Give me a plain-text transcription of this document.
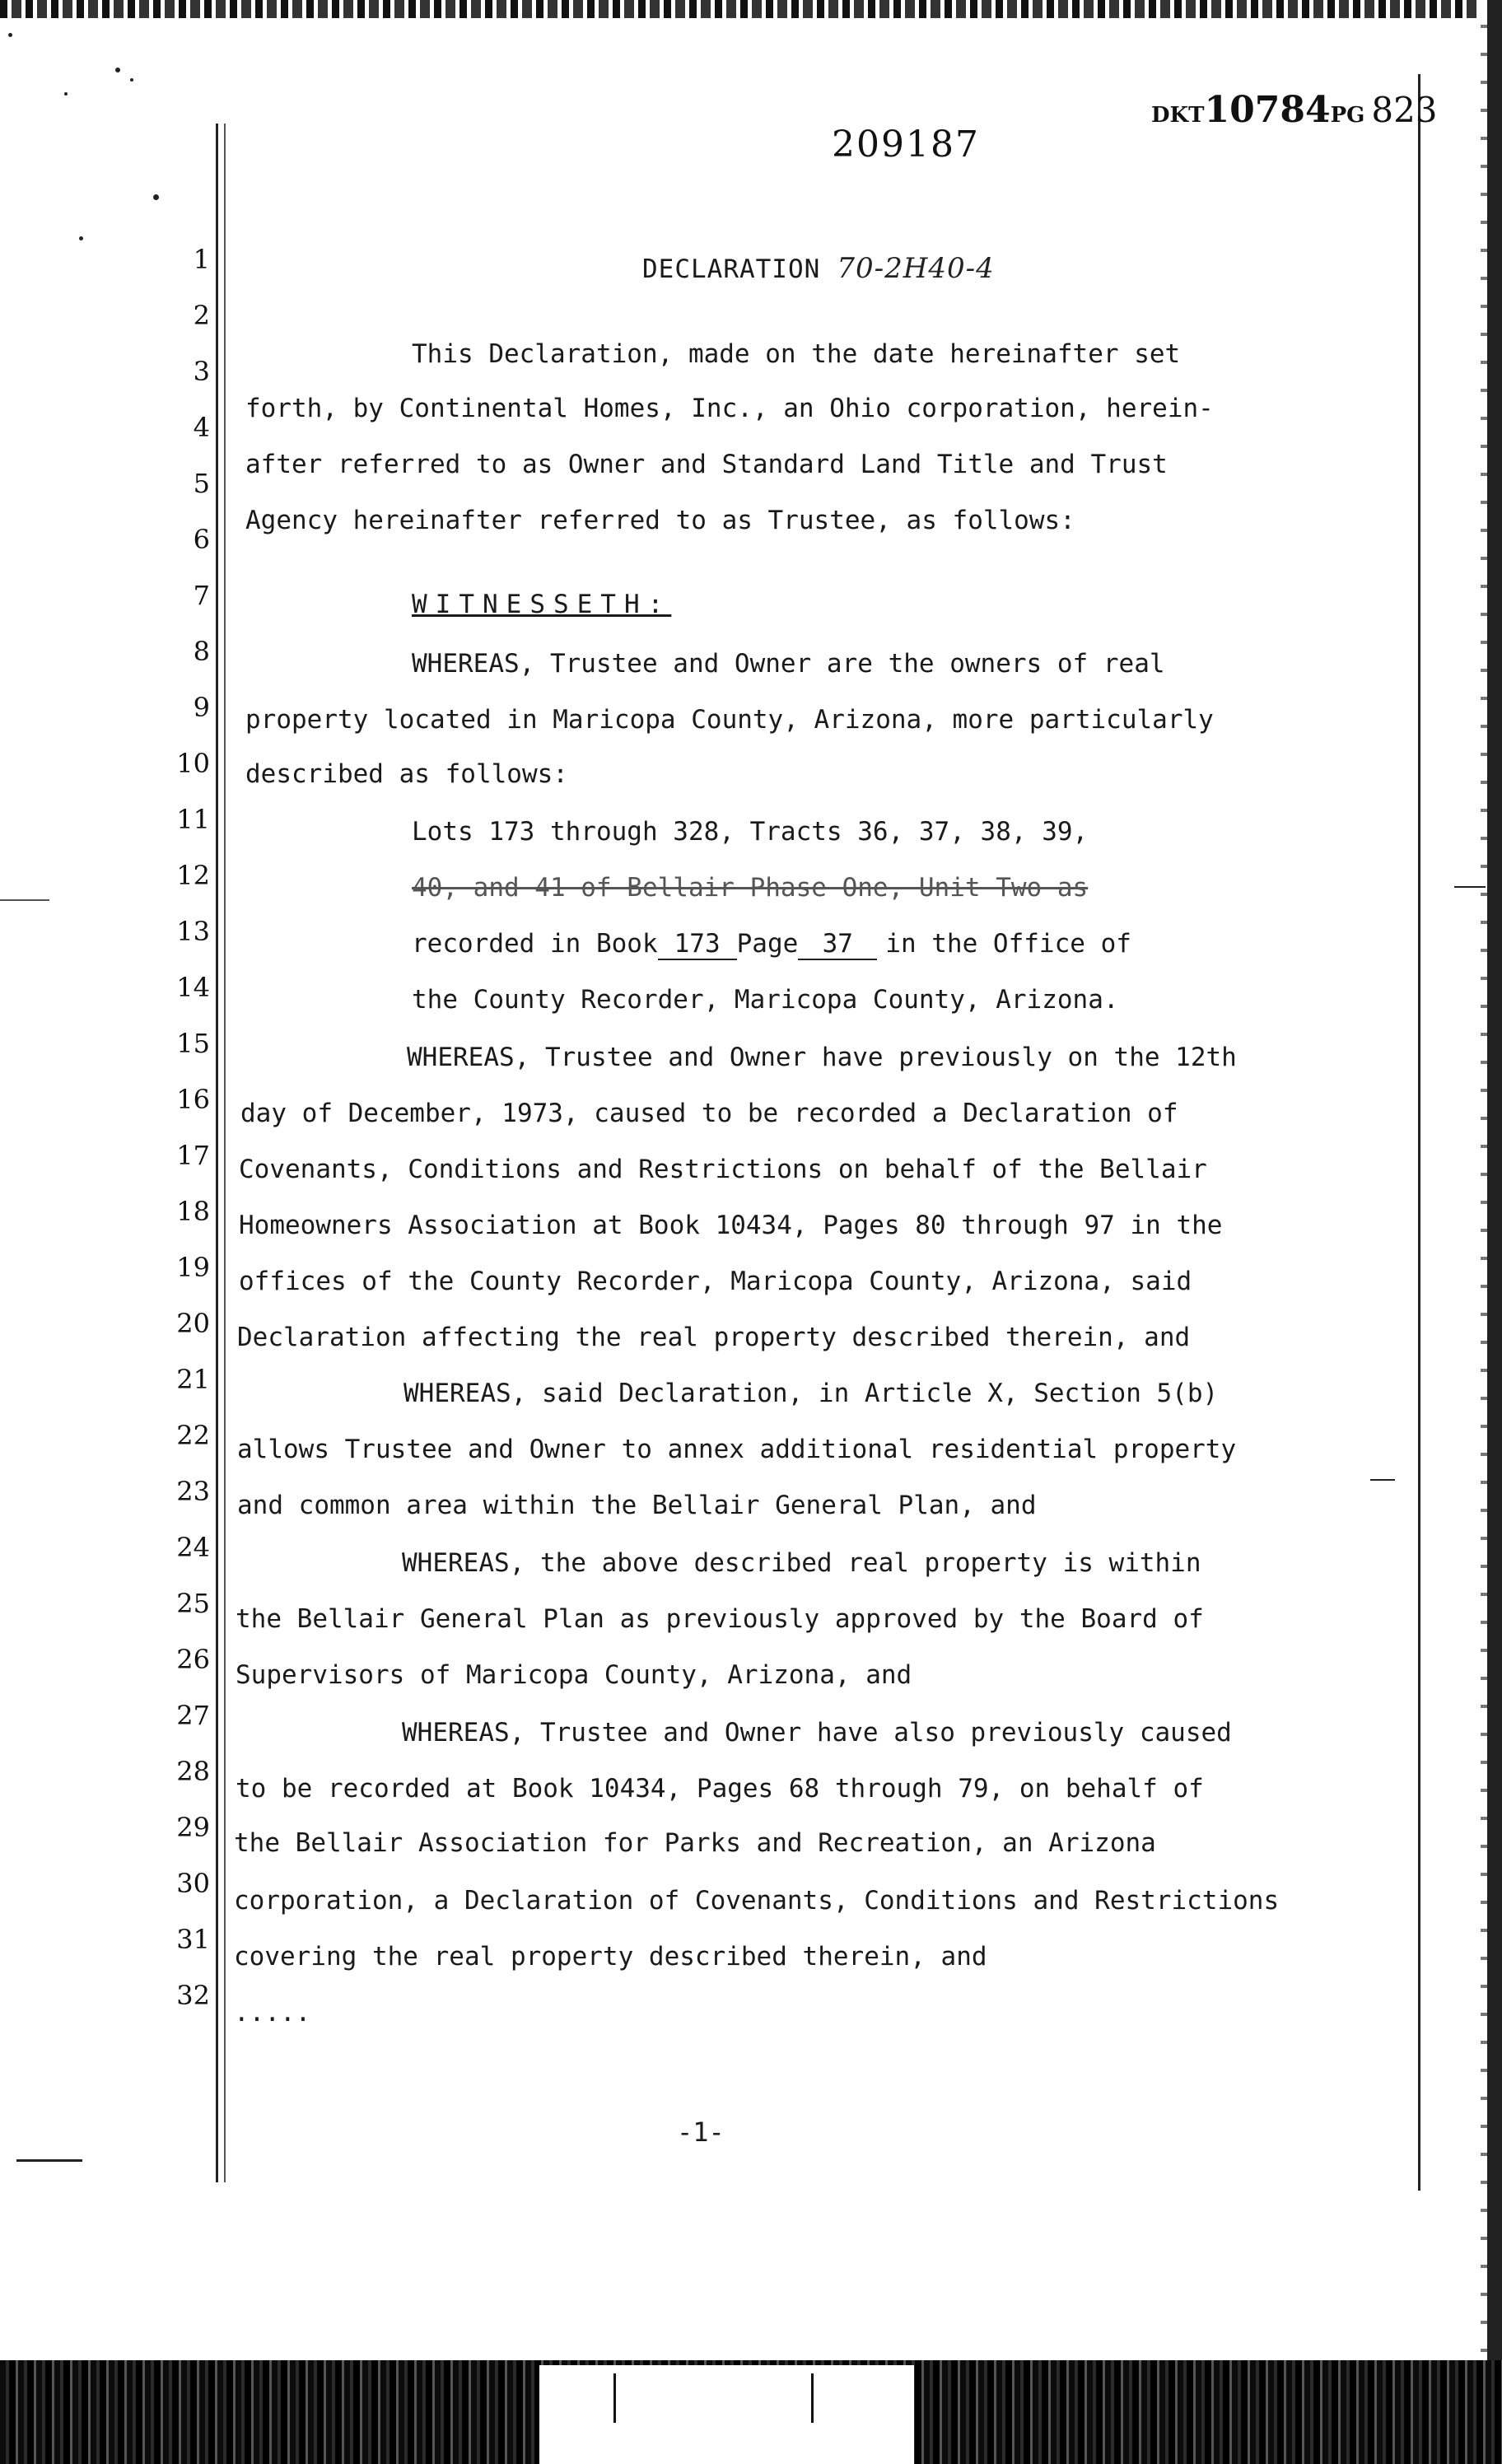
209187
DKT10784PG 823
1
2
3
4
5
6
7
8
9
10
11
12
13
14
15
16
17
18
19
20
21
22
23
24
25
26
27
28
29
30
31
32
DECLARATION 70-2H40-4
This Declaration, made on the date hereinafter set
forth, by Continental Homes, Inc., an Ohio corporation, herein-
after referred to as Owner and Standard Land Title and Trust
Agency hereinafter referred to as Trustee, as follows:
WITNESSETH:
WHEREAS, Trustee and Owner are the owners of real
property located in Maricopa County, Arizona, more particularly
described as follows:
Lots 173 through 328, Tracts 36, 37, 38, 39,
40, and 41 of Bellair Phase One, Unit Two as
recorded in Book 173 Page 37 in the Office of
the County Recorder, Maricopa County, Arizona.
WHEREAS, Trustee and Owner have previously on the 12th
day of December, 1973, caused to be recorded a Declaration of
Covenants, Conditions and Restrictions on behalf of the Bellair
Homeowners Association at Book 10434, Pages 80 through 97 in the
offices of the County Recorder, Maricopa County, Arizona, said
Declaration affecting the real property described therein, and
WHEREAS, said Declaration, in Article X, Section 5(b)
allows Trustee and Owner to annex additional residential property
and common area within the Bellair General Plan, and
WHEREAS, the above described real property is within
the Bellair General Plan as previously approved by the Board of
Supervisors of Maricopa County, Arizona, and
WHEREAS, Trustee and Owner have also previously caused
to be recorded at Book 10434, Pages 68 through 79, on behalf of
the Bellair Association for Parks and Recreation, an Arizona
corporation, a Declaration of Covenants, Conditions and Restrictions
covering the real property described therein, and
.....
-1-
